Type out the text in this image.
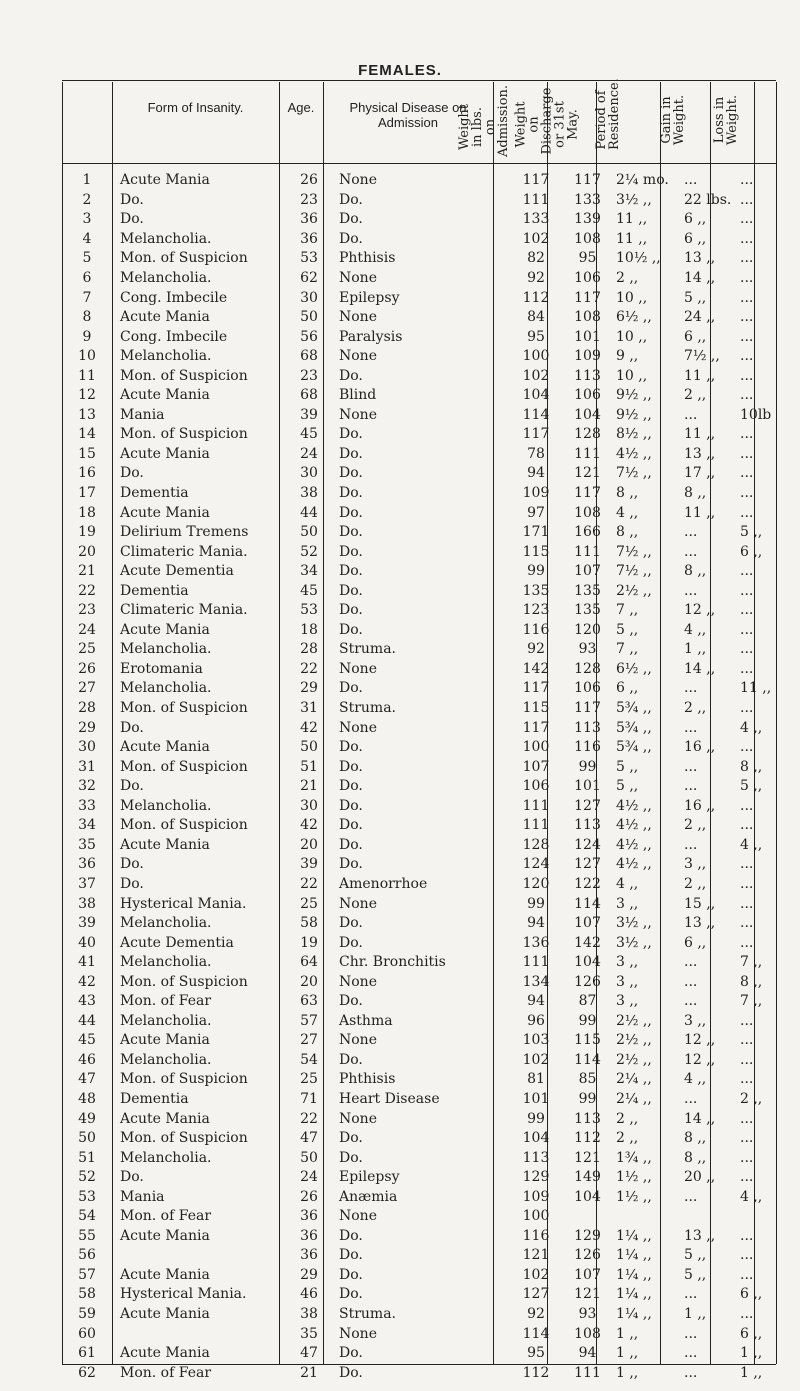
FEMALES.
Form of Insanity.	Age.	Physical Disease on Admission	Weight
in lbs. on
Admission. Weight on
Discharge
or 31st May. Period of
Residence.	Gain in
Weight.	Loss in
Weight.
1	Acute Mania	26	None	117	117	2¼ mo.	...	...
2	Do.	23	Do.	111	133	3½ ,,	22 lbs.	...
3	Do.	36	Do.	133	139	11 ,,	6 ,,	...
4	Melancholia.	36	Do.	102	108	11 ,,	6 ,,	...
5	Mon. of Suspicion	53	Phthisis	82	95	10½ ,,	13 ,,	...
6	Melancholia.	62	None	92	106	2 ,,	14 ,,	...
7	Cong. Imbecile	30	Epilepsy	112	117	10 ,,	5 ,,	...
8	Acute Mania	50	None	84	108	6½ ,,	24 ,,	...
9	Cong. Imbecile	56	Paralysis	95	101	10 ,,	6 ,,	...
10	Melancholia.	68	None	100	109	9 ,,	7½ ,,	...
11	Mon. of Suspicion	23	Do.	102	113	10 ,,	11 ,,	...
12	Acute Mania	68	Blind	104	106	9½ ,,	2 ,,	...
13	Mania	39	None	114	104	9½ ,,	...	10lb
14	Mon. of Suspicion	45	Do.	117	128	8½ ,,	11 ,,	...
15	Acute Mania	24	Do.	78	111	4½ ,,	13 ,,	...
16	Do.	30	Do.	94	121	7½ ,,	17 ,,	...
17	Dementia	38	Do.	109	117	8 ,,	8 ,,	...
18	Acute Mania	44	Do.	97	108	4 ,,	11 ,,	...
19	Delirium Tremens	50	Do.	171	166	8 ,,	...	5 ,,
20	Climateric Mania.	52	Do.	115	111	7½ ,,	...	6 ,,
21	Acute Dementia	34	Do.	99	107	7½ ,,	8 ,,	...
22	Dementia	45	Do.	135	135	2½ ,,	...	...
23	Climateric Mania.	53	Do.	123	135	7 ,,	12 ,,	...
24	Acute Mania	18	Do.	116	120	5 ,,	4 ,,	...
25	Melancholia.	28	Struma.	92	93	7 ,,	1 ,,	...
26	Erotomania	22	None	142	128	6½ ,,	14 ,,	...
27	Melancholia.	29	Do.	117	106	6 ,,	...	11 ,,
28	Mon. of Suspicion	31	Struma.	115	117	5¾ ,,	2 ,,	...
29	Do.	42	None	117	113	5¾ ,,	...	4 ,,
30	Acute Mania	50	Do.	100	116	5¾ ,,	16 ,,	...
31	Mon. of Suspicion	51	Do.	107	99	5 ,,	...	8 ,,
32	Do.	21	Do.	106	101	5 ,,	...	5 ,,
33	Melancholia.	30	Do.	111	127	4½ ,,	16 ,,	...
34	Mon. of Suspicion	42	Do.	111	113	4½ ,,	2 ,,	...
35	Acute Mania	20	Do.	128	124	4½ ,,	...	4 ,,
36	Do.	39	Do.	124	127	4½ ,,	3 ,,	...
37	Do.	22	Amenorrhoe	120	122	4 ,,	2 ,,	...
38	Hysterical Mania.	25	None	99	114	3 ,,	15 ,,	...
39	Melancholia.	58	Do.	94	107	3½ ,,	13 ,,	...
40	Acute Dementia	19	Do.	136	142	3½ ,,	6 ,,	...
41	Melancholia.	64	Chr. Bronchitis	111	104	3 ,,	...	7 ,,
42	Mon. of Suspicion	20	None	134	126	3 ,,	...	8 ,,
43	Mon. of Fear	63	Do.	94	87	3 ,,	...	7 ,,
44	Melancholia.	57	Asthma	96	99	2½ ,,	3 ,,	...
45	Acute Mania	27	None	103	115	2½ ,,	12 ,,	...
46	Melancholia.	54	Do.	102	114	2½ ,,	12 ,,	...
47	Mon. of Suspicion	25	Phthisis	81	85	2¼ ,,	4 ,,	...
48	Dementia	71	Heart Disease	101	99	2¼ ,,	...	2 ,,
49	Acute Mania	22	None	99	113	2 ,,	14 ,,	...
50	Mon. of Suspicion	47	Do.	104	112	2 ,,	8 ,,	...
51	Melancholia.	50	Do.	113	121	1¾ ,,	8 ,,	...
52	Do.	24	Epilepsy	129	149	1½ ,,	20 ,,	...
53	Mania	26	Anæmia	109	104	1½ ,,	...	4 ,,
54	Mon. of Fear	36	None	100				
55	Acute Mania	36	Do.	116	129	1¼ ,,	13 ,,	...
56		36	Do.	121	126	1¼ ,,	5 ,,	...
57	Acute Mania	29	Do.	102	107	1¼ ,,	5 ,,	...
58	Hysterical Mania.	46	Do.	127	121	1¼ ,,	...	6 ,,
59	Acute Mania	38	Struma.	92	93	1¼ ,,	1 ,,	...
60		35	None	114	108	1 ,,	...	6 ,,
61	Acute Mania	47	Do.	95	94	1 ,,	...	1 ,,
62	Mon. of Fear	21	Do.	112	111	1 ,,	...	1 ,,
